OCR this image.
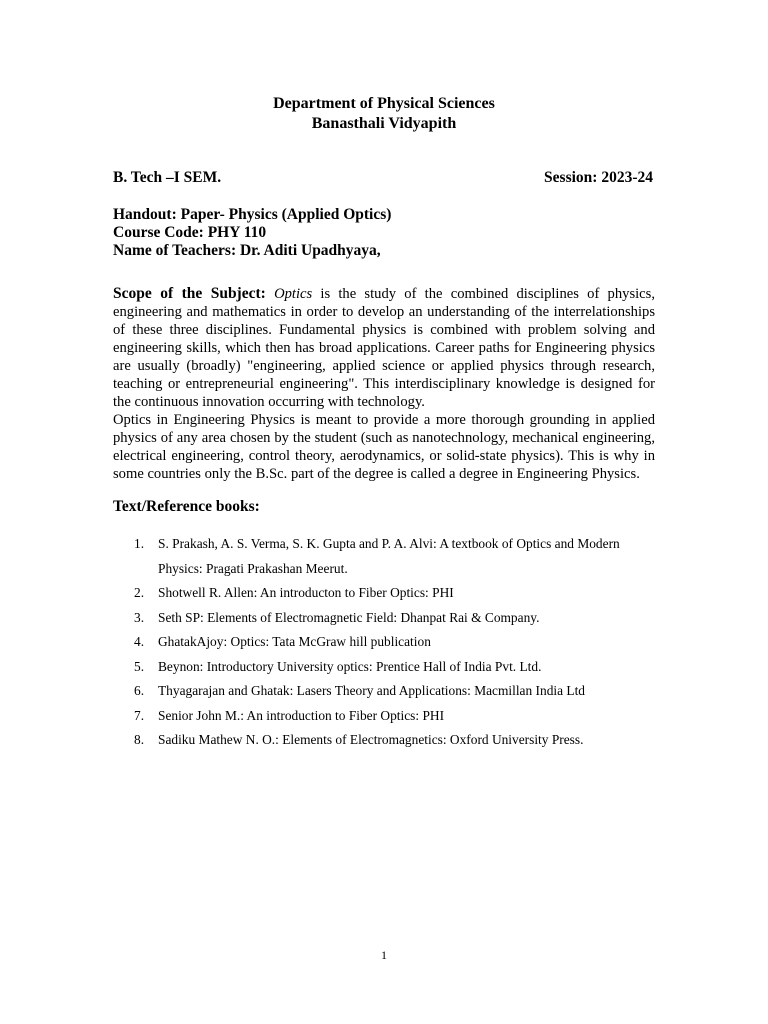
Department of Physical Sciences
Banasthali Vidyapith
B. Tech –I SEM.	Session: 2023-24
Handout: Paper- Physics (Applied Optics)
Course Code: PHY 110
Name of Teachers: Dr. Aditi Upadhyaya,

Scope of the Subject: Optics is the study of the combined disciplines of physics, engineering and mathematics in order to develop an understanding of the interrelationships of these three disciplines. Fundamental physics is combined with problem solving and engineering skills, which then has broad applications. Career paths for Engineering physics are usually (broadly) "engineering, applied science or applied physics through research, teaching or entrepreneurial engineering". This interdisciplinary knowledge is designed for the continuous innovation occurring with technology.

Optics in Engineering Physics is meant to provide a more thorough grounding in applied physics of any area chosen by the student (such as nanotechnology, mechanical engineering, electrical engineering, control theory, aerodynamics, or solid-state physics). This is why in some countries only the B.Sc. part of the degree is called a degree in Engineering Physics.

Text/Reference books:
1. S. Prakash, A. S. Verma, S. K. Gupta and P. A. Alvi: A textbook of Optics and Modern
Physics: Pragati Prakashan Meerut.
2. Shotwell R. Allen: An introducton to Fiber Optics: PHI
3. Seth SP: Elements of Electromagnetic Field: Dhanpat Rai & Company.
4. GhatakAjoy: Optics: Tata McGraw hill publication
5. Beynon: Introductory University optics: Prentice Hall of India Pvt. Ltd.
6. Thyagarajan and Ghatak: Lasers Theory and Applications: Macmillan India Ltd
7. Senior John M.: An introduction to Fiber Optics: PHI
8. Sadiku Mathew N. O.: Elements of Electromagnetics: Oxford University Press.
1
